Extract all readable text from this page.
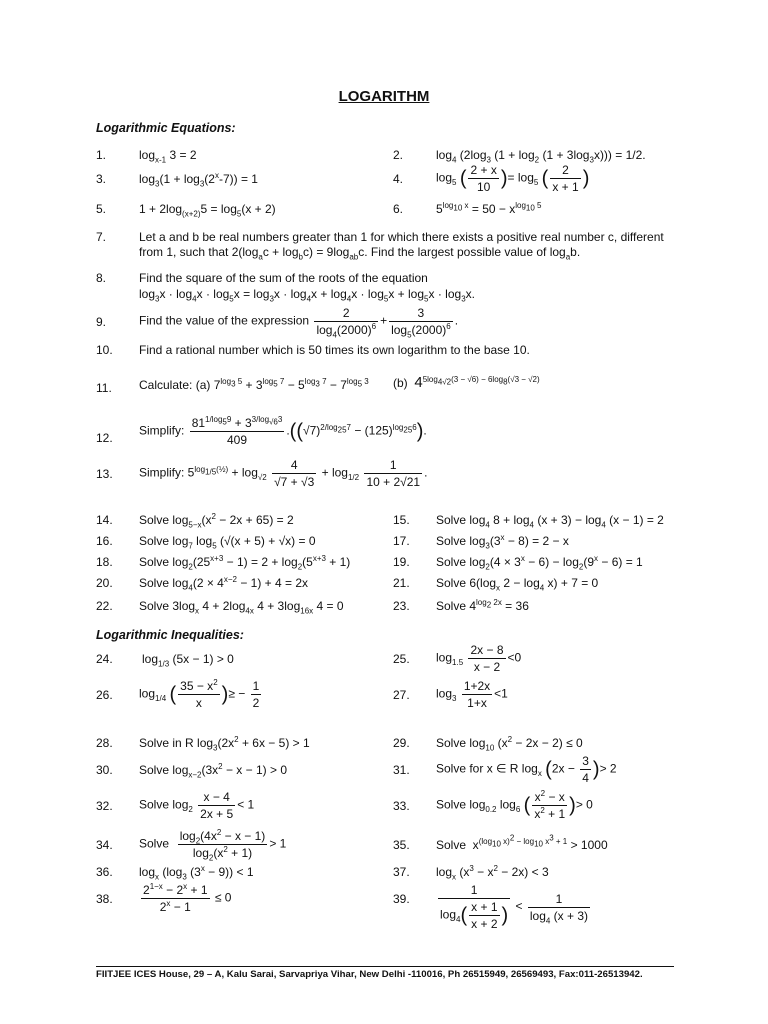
LOGARITHM
Logarithmic Equations:
1.	$\log_{x-1} 3 = 2$	2.	$\log_4 (2\log_3$ $(1 + \log_2 (1 + 3\log_3x))) = 1/2$.
3.	$\log_3(1 + \log_3(2^x-7)) = 1$	4.	$\log_5$ ( $\frac{2 + x}{10}$ )= $\log_5$ ( $\frac{2}{x + 1}$ )
5.	$1 + 2\log_{(x+2)}5 = \log_5(x + 2)$	6.	$5^{log_{10} x} = 50 - x^{log_{10} 5}$
7.	Let a and b be real numbers greater than 1 for which there exists a positive real number c, different
from 1, such that $2(\log_ac + \log_bc) = 9\log_{ab}c$. Find the largest possible value of $\log_ab$.
8.	Find the square of the sum of the roots of the equation
$\log_3x \cdot \log_4x \cdot \log_5x = \log_3x \cdot \log_4x + \log_4x \cdot \log_5x + \log_5x \cdot \log_3x$.
9.	Find the value of the expression $\frac{2}{\log_4(2000)^6} + \frac{3}{\log_5(2000)^6}$ .
10. Find a rational number which is 50 times its own logarithm to the base 10.
11. Calculate: (a) $7^{log_3 5} + 3^{log_5 7} - 5^{log_3 7} - 7^{log_5 3}$ (b)  $4^{5log_{4√2}(3 - √6) - 6log_8(√3 - √2)}$
12.
Simplify: $\frac{81^{1/log_59} + 3^{3/log_{√6}3}}{409} .((√7)^{2/log_{25}7} - (125)^{log_{25}6})$.
13. Simplify: $5^{log_{1/5}(\frac{1}{2})} + \log_{√2} \frac{4}{√7 + √3} + \log_{1/2} \frac{1}{10 + 2√21}$ .
14. Solve $\log_{5-x}(x^2 - 2x + 65) = 2$	15. Solve $\log_4 8 + \log_4 (x + 3) - \log_4 (x - 1) = 2$
16. Solve $\log_7 \log_5 (√(x + 5) + √x) = 0$	17. Solve $\log_3(3^x - 8) = 2 - x$
18. Solve $\log_2(25^{x+3} - 1) = 2 + \log_2(5^{x+3} + 1)$	19. Solve $\log_2(4 \times 3^x - 6) - \log_2(9^x - 6) = 1$
20. Solve $\log_4(2 \times 4^{x-2} - 1) + 4 = 2x$	21. Solve $6(\log_x$ $2 - \log_4 x) + 7 = 0$
22. Solve $3\log_x$ $4 + 2\log_{4x}$ $4 + 3\log_{16x}$ 4 = 0	23. Solve $4^{log_2 2x} = 36$
Logarithmic Inequalities:
24. $\log_{1/3} (5x - 1) > 0$	25. $\log_{1.5} \frac{2x - 8}{x - 2} <0$
26. $\log_{1/4}$ ( $\frac{35 - x^2}{x}$ )≥ − $\frac{1}{2}$	27. $\log_3 \frac{1+2x}{1+x} <1$
28. Solve in R $\log_3(2x^2 + 6x - 5) > 1$	29. Solve $\log_{10} (x^2 - 2x - 2) \le 0$
30. Solve $\log_{x-2}(3x^2 - x - 1) > 0$	31. Solve for x ∈ R $\log_x (2x - \frac{3}{4}$ )> 2
32. Solve $\log_2 \frac{x - 4}{2x + 5} < 1$	33. Solve $\log_{0.2} \log_6$ ( $\frac{x^2 - x}{x^2 + 1}$ )> 0
34. Solve $\frac{\log_2(4x^2 - x - 1)}{\log_2(x^2 + 1)} > 1$	35. Solve  $x^{(log_{10} x)^2 - log_{10} x^3 + 1} > 1000$
36. $\log_x (\log_3$ $(3^x - 9)) < 1$	37. $\log_x (x^3 - x^2 - 2x) < 3$
38. $\frac{2^{1-x} - 2^x + 1}{2^x - 1} \le 0$	39. $\frac{1}{\log_4( \frac{x + 1}{x + 2} )} < \frac{1}{\log_4 (x + 3)}$
FIITJEE ICES House, 29 – A, Kalu Sarai, Sarvapriya Vihar, New Delhi -110016, Ph 26515949, 26569493, Fax:011-26513942.
